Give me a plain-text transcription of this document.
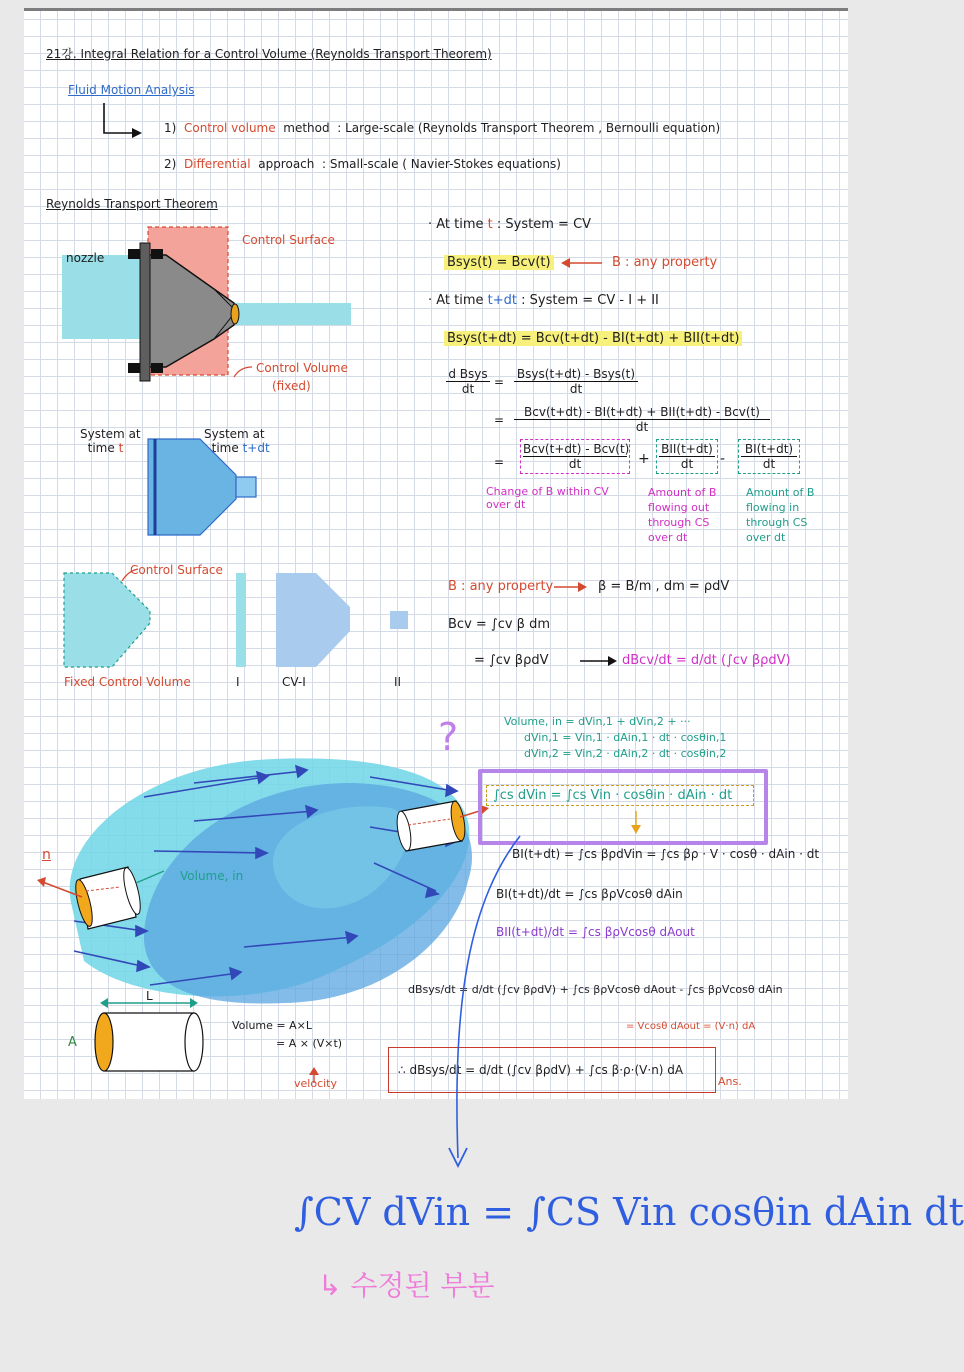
21강. Integral Relation for a Control Volume (Reynolds Transport Theorem)
Fluid Motion Analysis
1) Control volume method : Large-scale (Reynolds Transport Theorem , Bernoulli equation)
2) Differential approach : Small-scale ( Navier-Stokes equations)
Reynolds Transport Theorem
nozzle
Control Surface
Control Volume
(fixed)
System at
time t
System at
time t+dt
Control Surface
Fixed Control Volume	I	CV-I	II
· At time t : System = CV
Bsys(t) = Bcv(t)	B : any property
· At time t+dt : System = CV - I + II
Bsys(t+dt) = Bcv(t+dt) - BI(t+dt) + BII(t+dt)
d Bsys
dt	=
Bsys(t+dt) - Bsys(t)
dt
=
Bcv(t+dt) - BI(t+dt) + BII(t+dt) - Bcv(t)
dt
=
Bcv(t+dt) - Bcv(t)
dt	+
BII(t+dt)
dt	-
BI(t+dt)
dt
Change of B within CV
over dt
Amount of B
flowing out
through CS
over dt
Amount of B
flowing in
through CS
over dt
B : any property	β = B/m , dm = ρdV
Bcv = ∫cv β dm
= ∫cv βρdV	dBcv/dt = d/dt (∫cv βρdV)
n
Volume, in
?	Volume, in = dVin,1 + dVin,2 + ···
dVin,1 = Vin,1 · dAin,1 · dt · cosθin,1
dVin,2 = Vin,2 · dAin,2 · dt · cosθin,2
∫cs dVin = ∫cs Vin · cosθin · dAin · dt
BI(t+dt) = ∫cs βρdVin = ∫cs βρ · V · cosθ · dAin · dt
BI(t+dt)/dt = ∫cs βρVcosθ dAin
BII(t+dt)/dt = ∫cs βρVcosθ dAout
dBsys/dt = d/dt (∫cv βρdV) + ∫cs βρVcosθ dAout - ∫cs βρVcosθ dAin
= Vcosθ dAout = (V·n) dA
∴ dBsys/dt = d/dt (∫cv βρdV) + ∫cs β·ρ·(V·n) dA
Ans.
A
L
Volume = A×L
= A × (V×t)
velocity
∫CV dVin = ∫CS Vin cosθin dAin dt
↳ 수정된 부분
